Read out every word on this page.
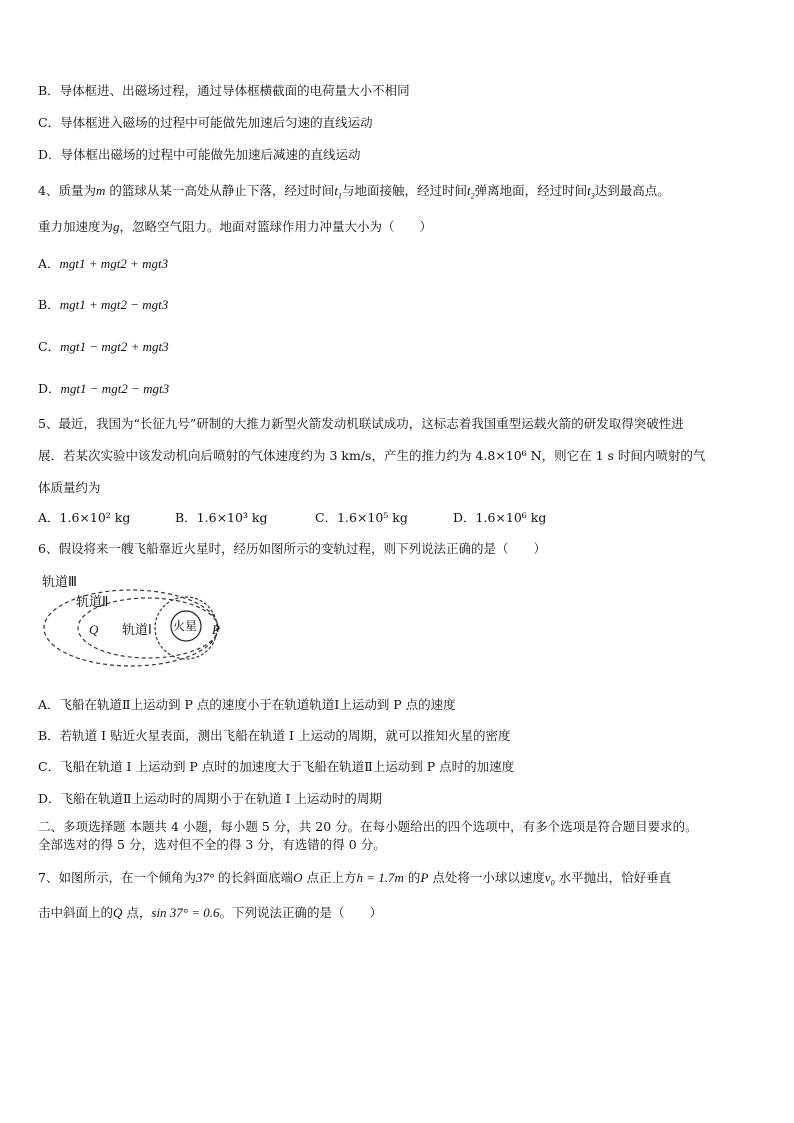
B．导体框进、出磁场过程，通过导体框横截面的电荷量大小不相同
C．导体框进入磁场的过程中可能做先加速后匀速的直线运动
D．导体框出磁场的过程中可能做先加速后减速的直线运动
4、质量为m 的篮球从某一高处从静止下落，经过时间$t_1$与地面接触，经过时间$t_2$弹离地面，经过时间$t_3$达到最高点。
重力加速度为g，忽略空气阻力。地面对篮球作用力冲量大小为（　　）
A．mgt1 + mgt2 + mgt3
B．mgt1 + mgt2 − mgt3
C．mgt1 − mgt2 + mgt3
D．mgt1 − mgt2 − mgt3
5、最近，我国为“长征九号”研制的大推力新型火箭发动机联试成功，这标志着我国重型运载火箭的研发取得突破性进
展．若某次实验中该发动机向后喷射的气体速度约为 3 km/s，产生的推力约为 4.8×10⁶ N，则它在 1 s 时间内喷射的气
体质量约为
A．1.6×10² kg	B．1.6×10³ kg	C．1.6×10⁵ kg	D．1.6×10⁶ kg
6、假设将来一艘飞船靠近火星时，经历如图所示的变轨过程，则下列说法正确的是（　　）
轨道Ⅲ
轨道Ⅱ
轨道Ⅰ 火星
Q	P
A．飞船在轨道Ⅱ上运动到 P 点的速度小于在轨道轨道Ⅰ上运动到 P 点的速度
B．若轨道 I 贴近火星表面，测出飞船在轨道 I 上运动的周期，就可以推知火星的密度
C．飞船在轨道 I 上运动到 P 点时的加速度大于飞船在轨道Ⅱ上运动到 P 点时的加速度
D．飞船在轨道Ⅱ上运动时的周期小于在轨道 I 上运动时的周期
二、多项选择题 本题共 4 小题，每小题 5 分，共 20 分。在每小题给出的四个选项中，有多个选项是符合题目要求的。
全部选对的得 5 分，选对但不全的得 3 分，有选错的得 0 分。
7、如图所示，在一个倾角为37° 的长斜面底端O 点正上方h = 1.7m 的P 点处将一小球以速度$v_0$ 水平抛出，恰好垂直
击中斜面上的Q 点，sin 37° = 0.6。下列说法正确的是（　　）
